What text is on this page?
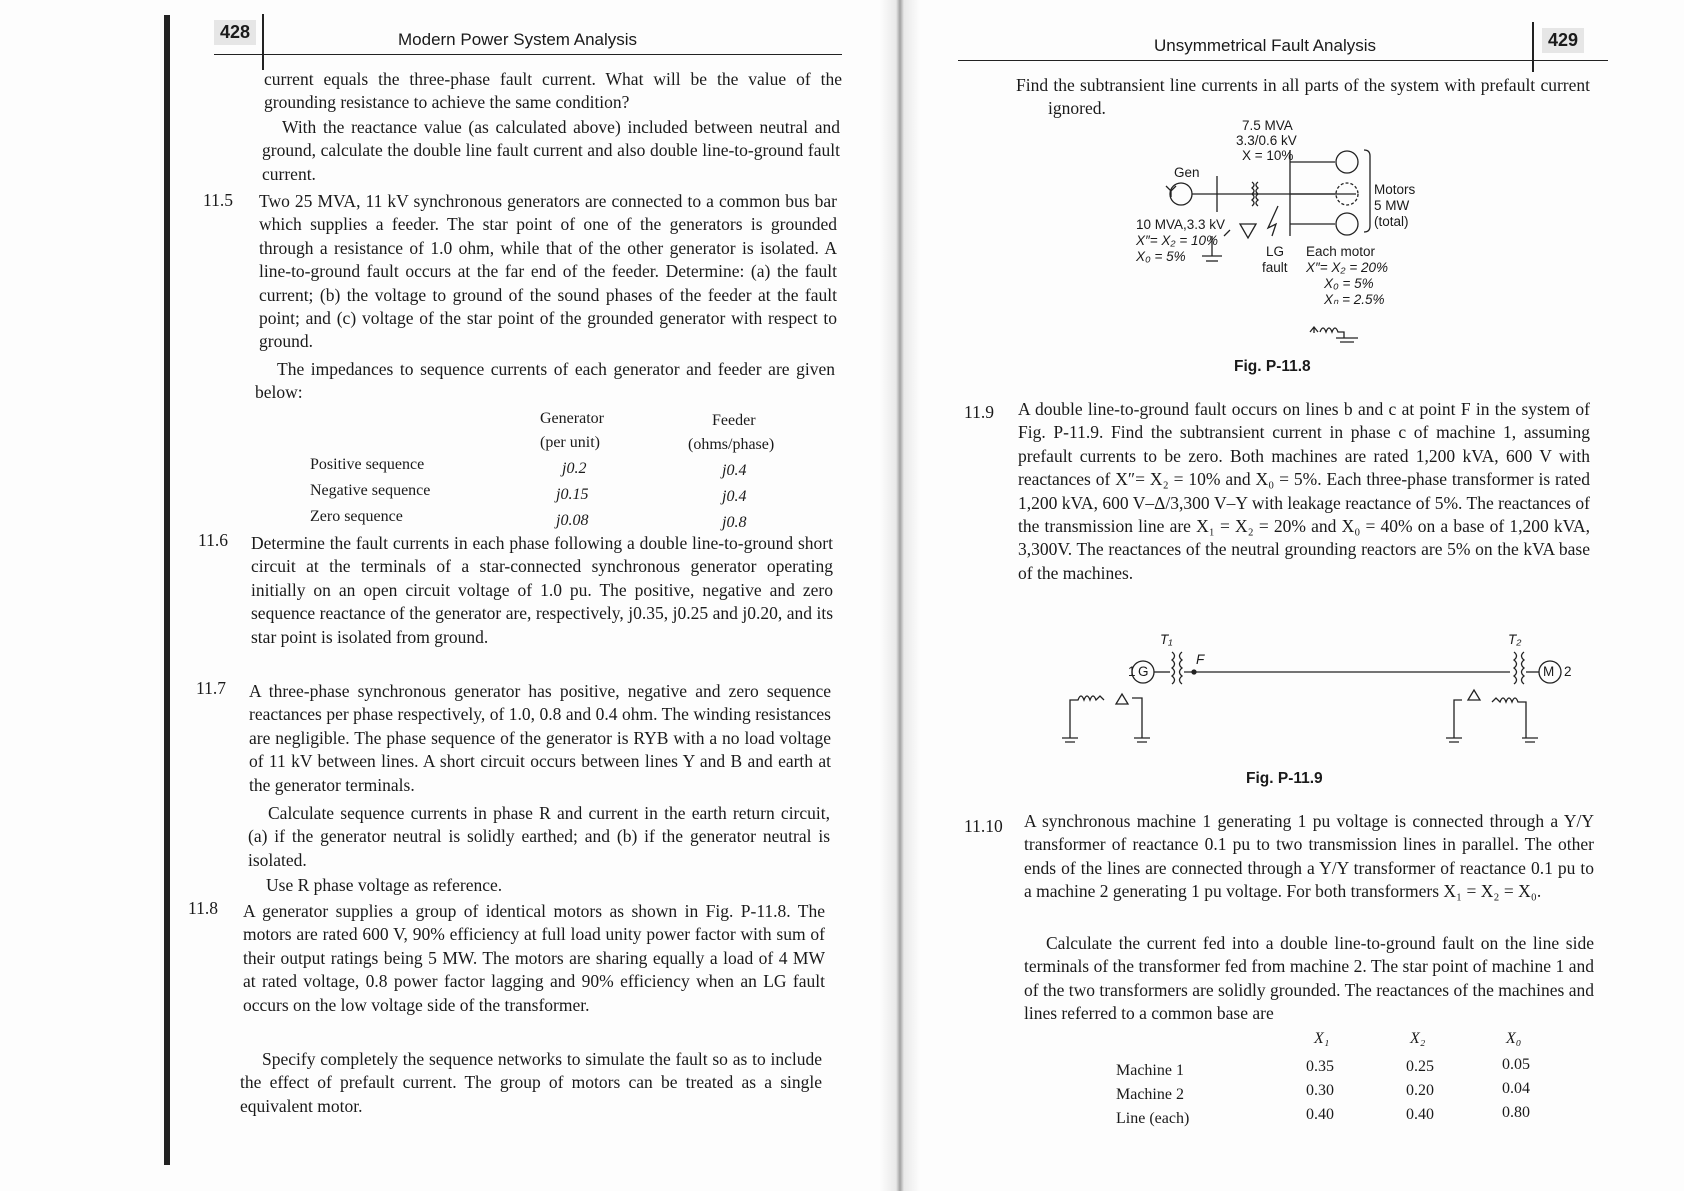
428	Modern Power System Analysis

current equals the three-phase fault current. What will be the value of the grounding resistance to achieve the same condition?

With the reactance value (as calculated above) included between neutral and ground, calculate the double line fault current and also double line-to-ground fault current.

11.5 Two 25 MVA, 11 kV synchronous generators are connected to a common bus bar which supplies a feeder. The star point of one of the generators is grounded through a resistance of 1.0 ohm, while that of the other generator is isolated. A line-to-ground fault occurs at the far end of the feeder. Determine: (a) the fault current; (b) the voltage to ground of the sound phases of the feeder at the fault point; and (c) voltage of the star point of the grounded generator with respect to ground.

The impedances to sequence currents of each generator and feeder are given below:

Generator
(per unit)
Feeder
(ohms/phase)
Positive sequence	j0.2	j0.4
Negative sequence	j0.15	j0.4
Zero sequence	j0.08	j0.8
11.6 Determine the fault currents in each phase following a double line-to-ground short circuit at the terminals of a star-connected synchronous generator operating initially on an open circuit voltage of 1.0 pu. The positive, negative and zero sequence reactance of the generator are, respectively, j0.35, j0.25 and j0.20, and its star point is isolated from ground.

11.7 A three-phase synchronous generator has positive, negative and zero sequence reactances per phase respectively, of 1.0, 0.8 and 0.4 ohm. The winding resistances are negligible. The phase sequence of the generator is RYB with a no load voltage of 11 kV between lines. A short circuit occurs between lines Y and B and earth at the generator terminals.

Calculate sequence currents in phase R and current in the earth return circuit, (a) if the generator neutral is solidly earthed; and (b) if the generator neutral is isolated.

Use R phase voltage as reference.

11.8 A generator supplies a group of identical motors as shown in Fig. P-11.8. The motors are rated 600 V, 90% efficiency at full load unity power factor with sum of their output ratings being 5 MW. The motors are sharing equally a load of 4 MW at rated voltage, 0.8 power factor lagging and 90% efficiency when an LG fault occurs on the low voltage side of the transformer.

Specify completely the sequence networks to simulate the fault so as to include the effect of prefault current. The group of motors can be treated as a single equivalent motor.

Unsymmetrical Fault Analysis	429

Find the subtransient line currents in all parts of the system with prefault current ignored.

7.5 MVA
3.3/0.6 kV
X = 10%
Gen
10 MVA,3.3 kV
X″= X₂ = 10%
X₀ = 5%
Motors
5 MW
(total)
LG
fault
Each motor
X″= X₂ = 20%
X₀ = 5%
Xₙ = 2.5%
Fig. P-11.8
11.9 A double line-to-ground fault occurs on lines b and c at point F in the system of Fig. P-11.9. Find the subtransient current in phase c of machine 1, assuming prefault currents to be zero. Both machines are rated 1,200 kVA, 600 V with reactances of X″= X₂ = 10% and X₀ = 5%. Each three-phase transformer is rated 1,200 kVA, 600 V–Δ/3,300 V–Y with leakage reactance of 5%. The reactances of the transmission line are X₁ = X₂ = 20% and X₀ = 40% on a base of 1,200 kVA, 3,300V. The reactances of the neutral grounding reactors are 5% on the kVA base of the machines.

1 G
T₁
F
T₂
M 2
Fig. P-11.9
11.10 A synchronous machine 1 generating 1 pu voltage is connected through a Y/Y transformer of reactance 0.1 pu to two transmission lines in parallel. The other ends of the lines are connected through a Y/Y transformer of reactance 0.1 pu to a machine 2 generating 1 pu voltage. For both transformers X₁ = X₂ = X₀.

Calculate the current fed into a double line-to-ground fault on the line side terminals of the transformer fed from machine 2. The star point of machine 1 and of the two transformers are solidly grounded. The reactances of the machines and lines referred to a common base are

X₁	X₂	X₀
Machine 1	0.35	0.25	0.05
Machine 2	0.30	0.20	0.04
Line (each)	0.40	0.40	0.80
